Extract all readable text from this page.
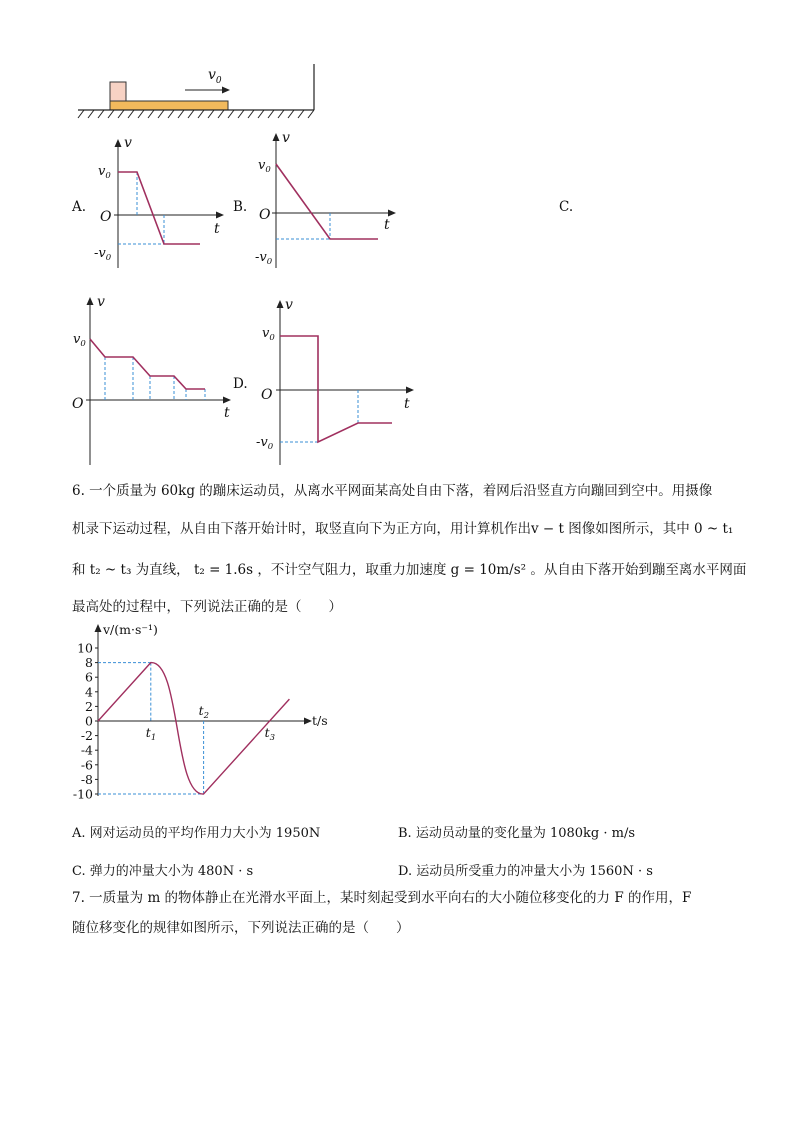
$v_0$
A.
v
t
O
$v_0$
$-v_0$
B.
v
t
O
$v_0$
$-v_0$
C.
v
t
O
$v_0$
D.
v
t
O
$v_0$
$-v_0$
6. 一个质量为 60kg 的蹦床运动员，从离水平网面某高处自由下落，着网后沿竖直方向蹦回到空中。用摄像
机录下运动过程，从自由下落开始计时，取竖直向下为正方向，用计算机作出v − t 图像如图所示，其中 0 ~ t₁
和 t₂ ~ t₃ 为直线， t₂ = 1.6s ，不计空气阻力，取重力加速度 g = 10m/s² 。从自由下落开始到蹦至离水平网面
最高处的过程中，下列说法正确的是（　　）
v/(m·s⁻¹)
t/s
10
8
6
4
2
0
-2
-4
-6
-8
-10
$t_1$
$t_2$
$t_3$
A. 网对运动员的平均作用力大小为 1950N	B. 运动员动量的变化量为 1080kg · m/s
C. 弹力的冲量大小为 480N · s	D. 运动员所受重力的冲量大小为 1560N · s
7. 一质量为 m 的物体静止在光滑水平面上，某时刻起受到水平向右的大小随位移变化的力 F 的作用，F
随位移变化的规律如图所示，下列说法正确的是（　　）
